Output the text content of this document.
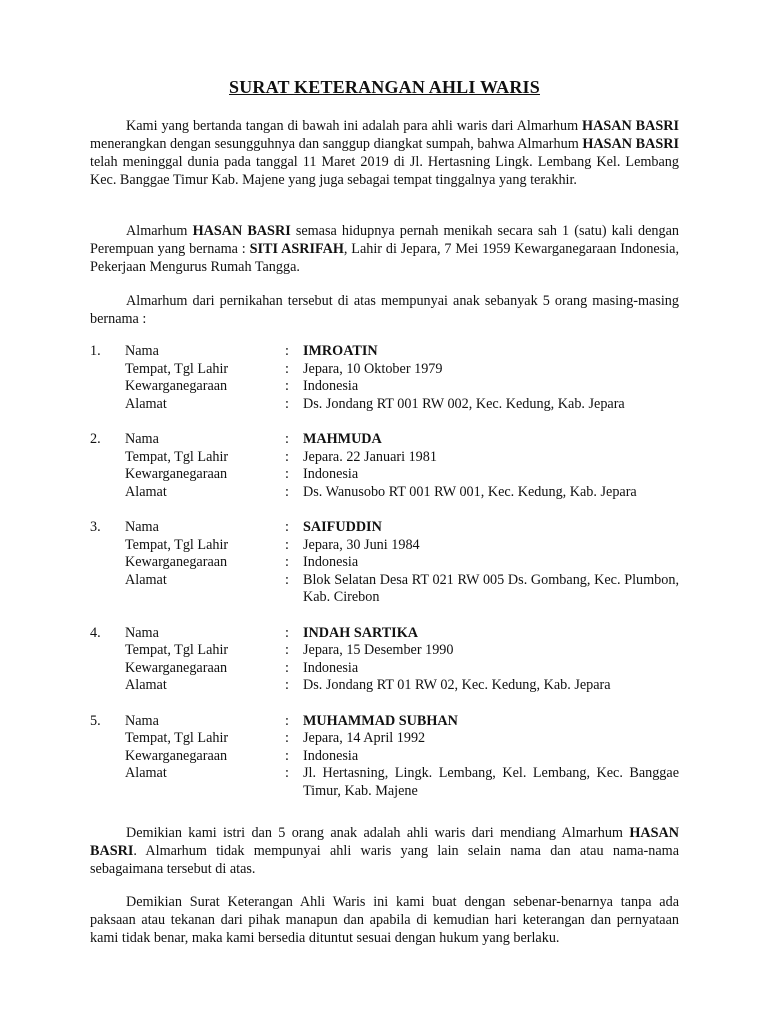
SURAT KETERANGAN AHLI WARIS

Kami yang bertanda tangan di bawah ini adalah para ahli waris dari Almarhum HASAN BASRI menerangkan dengan sesungguhnya dan sanggup diangkat sumpah, bahwa Almarhum HASAN BASRI telah meninggal dunia pada tanggal 11 Maret 2019 di Jl. Hertasning Lingk. Lembang Kel. Lembang Kec. Banggae Timur Kab. Majene yang juga sebagai tempat tinggalnya yang terakhir.

Almarhum HASAN BASRI semasa hidupnya pernah menikah secara sah 1 (satu) kali dengan Perempuan yang bernama : SITI ASRIFAH, Lahir di Jepara, 7 Mei 1959 Kewarganegaraan Indonesia, Pekerjaan Mengurus Rumah Tangga.

Almarhum dari pernikahan tersebut di atas mempunyai anak sebanyak 5 orang masing-masing bernama :

1.	Nama	: IMROATIN
Tempat, Tgl Lahir	: Jepara, 10 Oktober 1979
Kewarganegaraan	: Indonesia
Alamat	: Ds. Jondang RT 001 RW 002, Kec. Kedung, Kab. Jepara
2.	Nama	: MAHMUDA
Tempat, Tgl Lahir	: Jepara. 22 Januari 1981
Kewarganegaraan	: Indonesia
Alamat	: Ds. Wanusobo RT 001 RW 001, Kec. Kedung, Kab. Jepara
3.	Nama	: SAIFUDDIN
Tempat, Tgl Lahir	: Jepara, 30 Juni 1984
Kewarganegaraan	: Indonesia
Alamat	: Blok Selatan Desa RT 021 RW 005 Ds. Gombang, Kec. Plumbon, Kab. Cirebon
4.	Nama	: INDAH SARTIKA
Tempat, Tgl Lahir	: Jepara, 15 Desember 1990
Kewarganegaraan	: Indonesia
Alamat	: Ds. Jondang RT 01 RW 02, Kec. Kedung, Kab. Jepara
5.	Nama	: MUHAMMAD SUBHAN
Tempat, Tgl Lahir	: Jepara, 14 April 1992
Kewarganegaraan	: Indonesia
Alamat	: Jl. Hertasning, Lingk. Lembang, Kel. Lembang, Kec. Banggae Timur, Kab. Majene

Demikian kami istri dan 5 orang anak adalah ahli waris dari mendiang Almarhum HASAN BASRI. Almarhum tidak mempunyai ahli waris yang lain selain nama dan atau nama-nama sebagaimana tersebut di atas.

Demikian Surat Keterangan Ahli Waris ini kami buat dengan sebenar-benarnya tanpa ada paksaan atau tekanan dari pihak manapun dan apabila di kemudian hari keterangan dan pernyataan kami tidak benar, maka kami bersedia dituntut sesuai dengan hukum yang berlaku.
